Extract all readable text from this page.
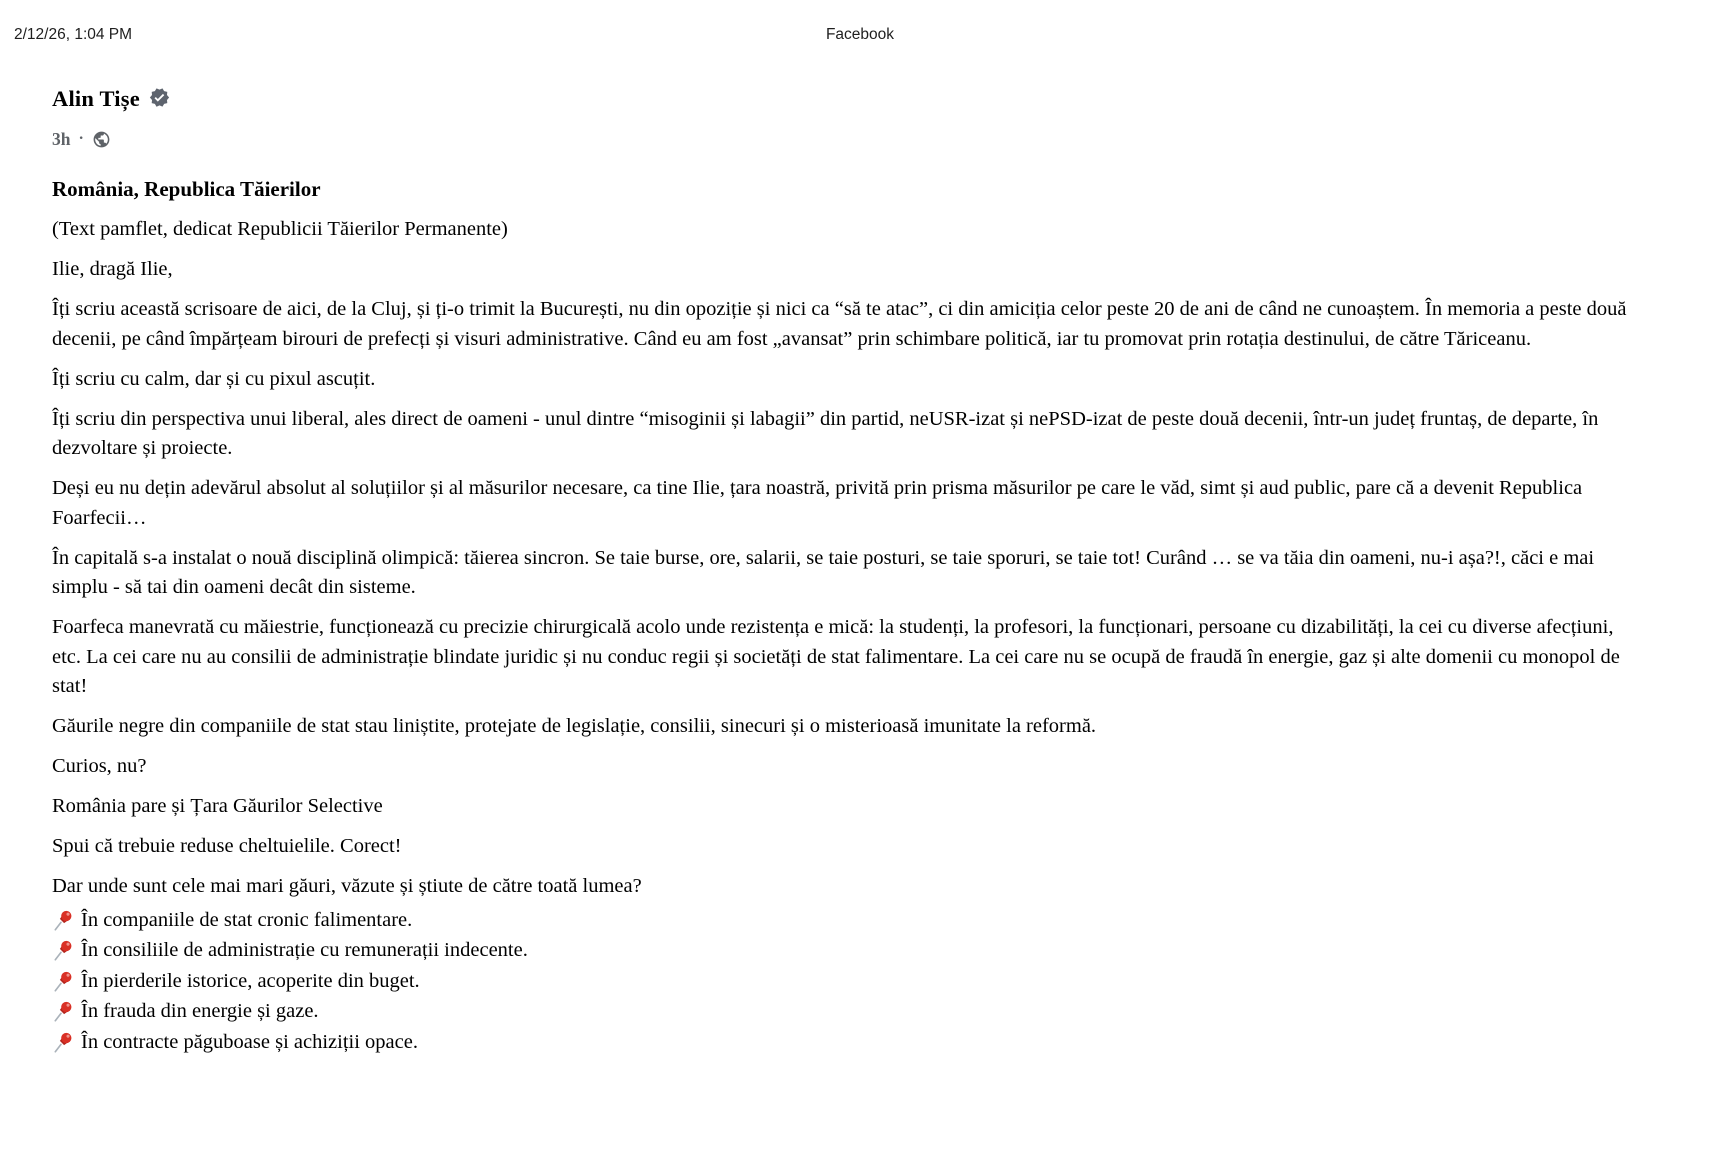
2/12/26, 1:04 PM	Facebook
Alin Tișe
3h ·
România, Republica Tăierilor

(Text pamflet, dedicat Republicii Tăierilor Permanente)

Ilie, dragă Ilie,

Îți scriu această scrisoare de aici, de la Cluj, și ți-o trimit la București, nu din opoziție și nici ca “să te atac”, ci din amiciția celor peste 20 de ani de când ne cunoaștem. În memoria a peste două decenii, pe când împărțeam birouri de prefecți și visuri administrative. Când eu am fost „avansat” prin schimbare politică, iar tu promovat prin rotația destinului, de către Tăriceanu.

Îți scriu cu calm, dar și cu pixul ascuțit.

Îți scriu din perspectiva unui liberal, ales direct de oameni - unul dintre “misoginii și labagii” din partid, neUSR-izat și nePSD-izat de peste două decenii, într-un județ fruntaș, de departe, în dezvoltare și proiecte.

Deși eu nu dețin adevărul absolut al soluțiilor și al măsurilor necesare, ca tine Ilie, țara noastră, privită prin prisma măsurilor pe care le văd, simt și aud public, pare că a devenit Republica Foarfecii…

În capitală s-a instalat o nouă disciplină olimpică: tăierea sincron. Se taie burse, ore, salarii, se taie posturi, se taie sporuri, se taie tot! Curând … se va tăia din oameni, nu-i așa?!, căci e mai simplu - să tai din oameni decât din sisteme.

Foarfeca manevrată cu măiestrie, funcționează cu precizie chirurgicală acolo unde rezistența e mică: la studenți, la profesori, la funcționari, persoane cu dizabilități, la cei cu diverse afecțiuni, etc. La cei care nu au consilii de administrație blindate juridic și nu conduc regii și societăți de stat falimentare. La cei care nu se ocupă de fraudă în energie, gaz și alte domenii cu monopol de stat!

Găurile negre din companiile de stat stau liniștite, protejate de legislație, consilii, sinecuri și o misterioasă imunitate la reformă.

Curios, nu?

România pare și Țara Găurilor Selective

Spui că trebuie reduse cheltuielile. Corect!

Dar unde sunt cele mai mari găuri, văzute și știute de către toată lumea?

În companiile de stat cronic falimentare.
În consiliile de administrație cu remunerații indecente.
În pierderile istorice, acoperite din buget.
În frauda din energie și gaze.
În contracte păguboase și achiziții opace.
